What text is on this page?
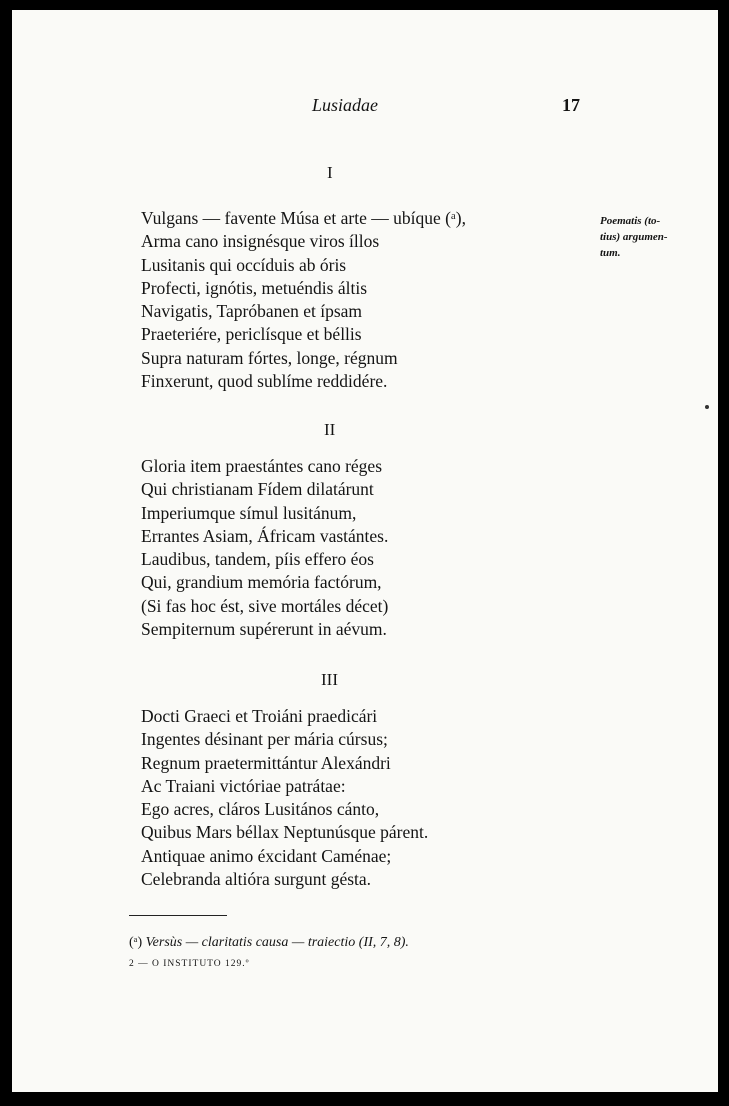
Lusiadae	17
Poematis (to-
tius) argumen-
tum.
I
Vulgans — favente Músa et arte — ubíque (ᵃ),
Arma cano insignésque viros íllos
Lusitanis qui occíduis ab óris
Profecti, ignótis, metuéndis áltis
Navigatis, Tapróbanen et ípsam
Praeteriére, periclísque et béllis
Supra naturam fórtes, longe, régnum
Finxerunt, quod sublíme reddidére.
II
Gloria item praestántes cano réges
Qui christianam Fídem dilatárunt
Imperiumque símul lusitánum,
Errantes Asiam, Áfricam vastántes.
Laudibus, tandem, píis effero éos
Qui, grandium memória factórum,
(Si fas hoc ést, sive mortáles décet)
Sempiternum supérerunt in aévum.
III
Docti Graeci et Troiáni praedicári
Ingentes désinant per mária cúrsus;
Regnum praetermittántur Alexándri
Ac Traiani victóriae patrátae:
Ego acres, cláros Lusitános cánto,
Quibus Mars béllax Neptunúsque párent.
Antiquae animo éxcidant Caménae;
Celebranda altióra surgunt gésta.
(ᵃ) Versùs — claritatis causa — traiectio (II, 7, 8).
2 — O INSTITUTO 129.º
